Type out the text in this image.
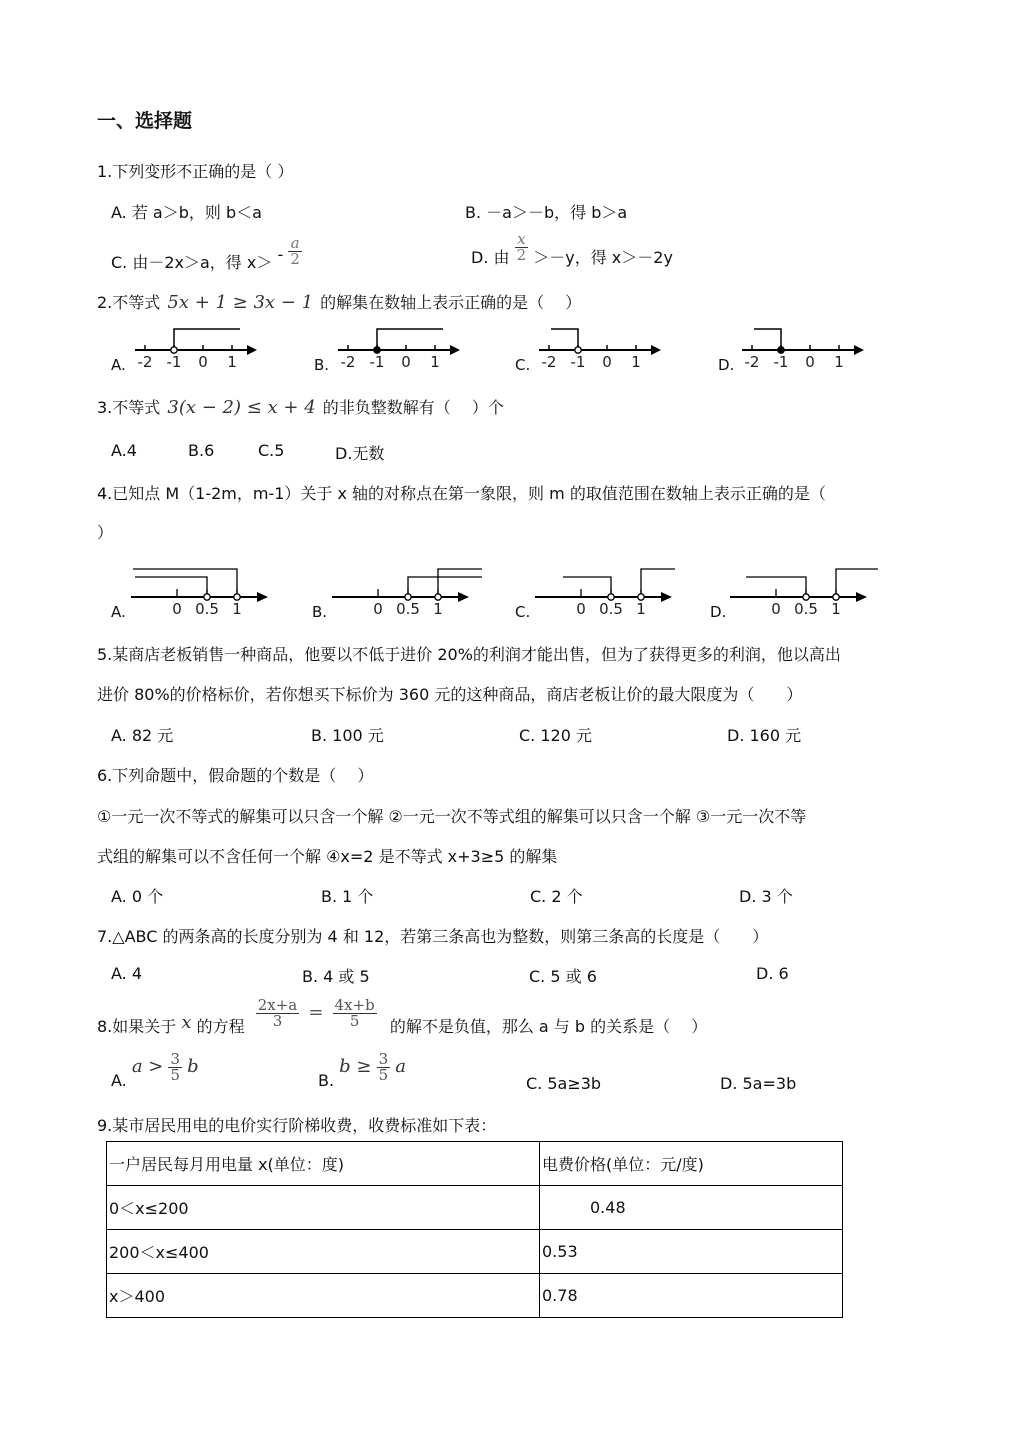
一、选择题
1.下列变形不正确的是（ ）
A. 若 a＞b，则 b＜a	B. －a＞－b，得 b＞a
C. 由－2x＞a，得 $x> - \frac{a}{2}$	D. 由 $\frac{x}{2} >-y$，得 x＞－2y
2.不等式 5x + 1 ≥ 3x − 1 的解集在数轴上表示正确的是（　 ）
A. -2 -1 0 1	B. -2 -1 0 1	C. -2 -1 0 1	D. -2 -1 0 1
3.不等式 3(x − 2) ≤ x + 4 的非负整数解有（　 ）个
A.4	B.6	C.5	D.无数
4.已知点 M（1-2m，m-1）关于 x 轴的对称点在第一象限，则 m 的取值范围在数轴上表示正确的是（
）
A.	0 0.5 1	B.	0 0.5 1	C.	0 0.5 1	D.	0 0.5 1
5.某商店老板销售一种商品，他要以不低于进价 20%的利润才能出售，但为了获得更多的利润，他以高出
进价 80%的价格标价，若你想买下标价为 360 元的这种商品，商店老板让价的最大限度为（　　）
A. 82 元	B. 100 元	C. 120 元	D. 160 元
6.下列命题中，假命题的个数是（　 ）
①一元一次不等式的解集可以只含一个解 ②一元一次不等式组的解集可以只含一个解 ③一元一次不等
式组的解集可以不含任何一个解 ④x=2 是不等式 x+3≥5 的解集
A. 0 个	B. 1 个	C. 2 个	D. 3 个
7.△ABC 的两条高的长度分别为 4 和 12，若第三条高也为整数，则第三条高的长度是（　　）
A. 4	B. 4 或 5	C. 5 或 6	D. 6
8.如果关于 x 的方程 $\frac{2x+a}{3} = \frac{4x+b}{5}$ 的解不是负值，那么 a 与 b 的关系是（　 ）
A. $a > \frac{3}{5}$ b
B. $b \ge \frac{3}{5}$ a
C. 5a≥3b	D. 5a=3b
9.某市居民用电的电价实行阶梯收费，收费标准如下表：
一户居民每月用电量 x(单位：度)	电费价格(单位：元/度)
0＜x≤200	0.48
200＜x≤400	0.53
x＞400	0.78
